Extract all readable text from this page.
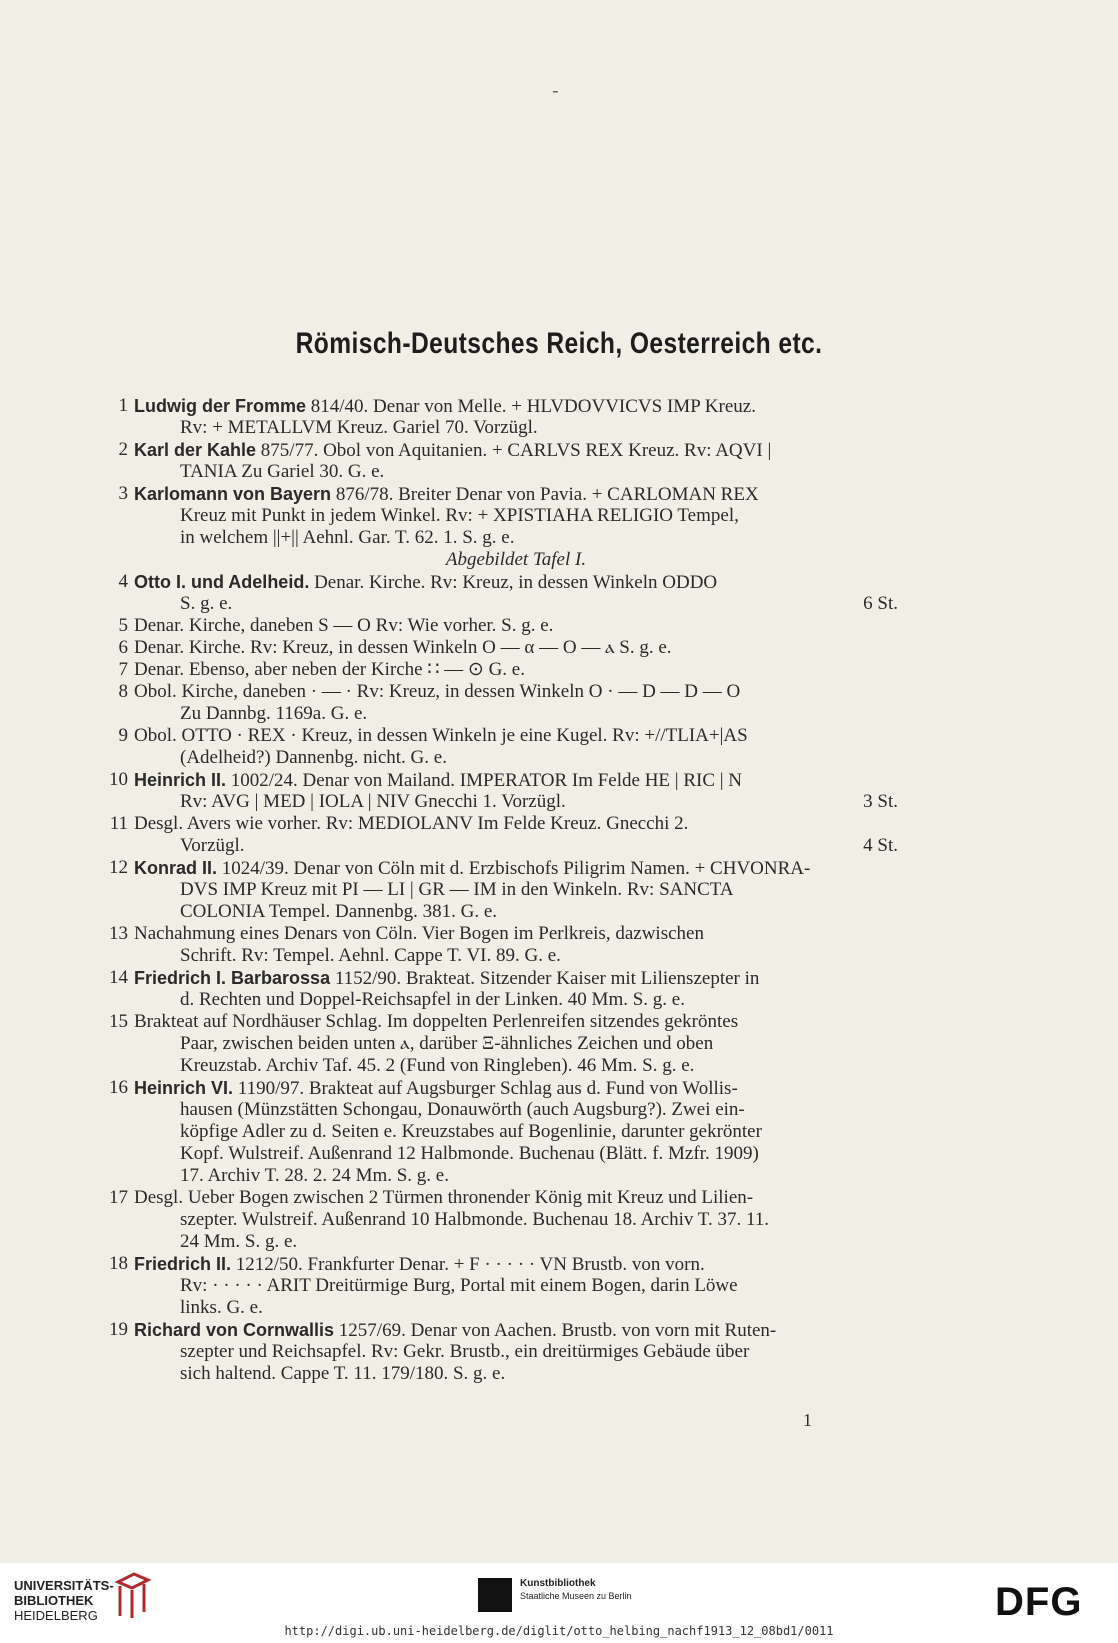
-
Römisch-Deutsches Reich, Oesterreich etc.
1 Ludwig der Fromme 814/40. Denar von Melle. + HLVDOVVICVS IMP Kreuz.
Rv: + METALLVM Kreuz. Gariel 70. Vorzügl.
2 Karl der Kahle 875/77. Obol von Aquitanien. + CARLVS REX Kreuz. Rv: AQVI |
TANIA Zu Gariel 30. G. e.
3 Karlomann von Bayern 876/78. Breiter Denar von Pavia. + CARLOMAN REX
Kreuz mit Punkt in jedem Winkel. Rv: + XPISTIAHA RELIGIO Tempel,
in welchem ||+|| Aehnl. Gar. T. 62. 1. S. g. e.
Abgebildet Tafel I.
4 Otto I. und Adelheid. Denar. Kirche. Rv: Kreuz, in dessen Winkeln ODDO
S. g. e.	6 St.
5 Denar. Kirche, daneben S — O Rv: Wie vorher. S. g. e.
6 Denar. Kirche. Rv: Kreuz, in dessen Winkeln O — α — O — ⲁ S. g. e.
7 Denar. Ebenso, aber neben der Kirche ∷ — ⊙ G. e.
8 Obol. Kirche, daneben · — · Rv: Kreuz, in dessen Winkeln O · — D — D — O
Zu Dannbg. 1169a. G. e.
9 Obol. OTTO · REX · Kreuz, in dessen Winkeln je eine Kugel. Rv: +//TLIA+|AS
(Adelheid?) Dannenbg. nicht. G. e.
10 Heinrich II. 1002/24. Denar von Mailand. IMPERATOR Im Felde HE | RIC | N
Rv: AVG | MED | IOLA | NIV Gnecchi 1. Vorzügl.	3 St.
11 Desgl. Avers wie vorher. Rv: MEDIOLANV Im Felde Kreuz. Gnecchi 2.
Vorzügl.	4 St.
12 Konrad II. 1024/39. Denar von Cöln mit d. Erzbischofs Piligrim Namen. + CHVONRA-
DVS IMP Kreuz mit PI — LI | GR — IM in den Winkeln. Rv: SANCTA
COLONIA Tempel. Dannenbg. 381. G. e.
13 Nachahmung eines Denars von Cöln. Vier Bogen im Perlkreis, dazwischen
Schrift. Rv: Tempel. Aehnl. Cappe T. VI. 89. G. e.
14 Friedrich I. Barbarossa 1152/90. Brakteat. Sitzender Kaiser mit Lilienszepter in
d. Rechten und Doppel-Reichsapfel in der Linken. 40 Mm. S. g. e.
15 Brakteat auf Nordhäuser Schlag. Im doppelten Perlenreifen sitzendes gekröntes
Paar, zwischen beiden unten ⲁ, darüber Ξ-ähnliches Zeichen und oben
Kreuzstab. Archiv Taf. 45. 2 (Fund von Ringleben). 46 Mm. S. g. e.
16 Heinrich VI. 1190/97. Brakteat auf Augsburger Schlag aus d. Fund von Wollis-
hausen (Münzstätten Schongau, Donauwörth (auch Augsburg?). Zwei ein-
köpfige Adler zu d. Seiten e. Kreuzstabes auf Bogenlinie, darunter gekrönter
Kopf. Wulstreif. Außenrand 12 Halbmonde. Buchenau (Blätt. f. Mzfr. 1909)
17. Archiv T. 28. 2. 24 Mm. S. g. e.
17 Desgl. Ueber Bogen zwischen 2 Türmen thronender König mit Kreuz und Lilien-
szepter. Wulstreif. Außenrand 10 Halbmonde. Buchenau 18. Archiv T. 37. 11.
24 Mm. S. g. e.
18 Friedrich II. 1212/50. Frankfurter Denar. + F · · · · · VN Brustb. von vorn.
Rv: · · · · · ARIT Dreitürmige Burg, Portal mit einem Bogen, darin Löwe
links. G. e.
19 Richard von Cornwallis 1257/69. Denar von Aachen. Brustb. von vorn mit Ruten-
szepter und Reichsapfel. Rv: Gekr. Brustb., ein dreitürmiges Gebäude über
sich haltend. Cappe T. 11. 179/180. S. g. e.
1
UNIVERSITÄTS-
BIBLIOTHEK
HEIDELBERG
Kunstbibliothek
Staatliche Museen zu Berlin	DFG
http://digi.ub.uni-heidelberg.de/diglit/otto_helbing_nachf1913_12_08bd1/0011
